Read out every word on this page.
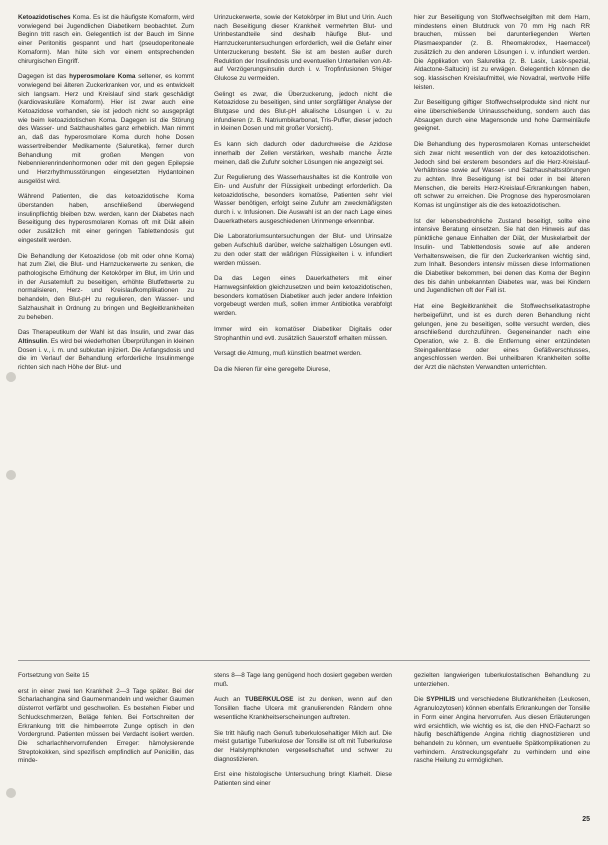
Ketoazidotisches Koma. Es ist die häufigste Komaform, wird vorwiegend bei Jugendlichen Diabetikern beobachtet. Zum Beginn tritt rasch ein. Gelegentlich ist der Bauch im Sinne einer Peritonitis gespannt und hart (pseudoperitoneale Komaform). Man hüte sich vor einem entsprechenden chirurgischen Eingriff.

Dagegen ist das hyperosmolare Koma seltener, es kommt vorwiegend bei älteren Zuckerkranken vor, und es entwickelt sich langsam. Herz und Kreislauf sind stark geschädigt (kardiovaskuläre Komaform). Hier ist zwar auch eine Ketoazidose vorhanden, sie ist jedoch nicht so ausgeprägt wie beim ketoazidotischen Koma. Dagegen ist die Störung des Wasser- und Salzhaushaltes ganz erheblich. Man nimmt an, daß das hyperosmolare Koma durch hohe Dosen wassertreibender Medikamente (Saluretika), ferner durch Behandlung mit großen Mengen von Nebennierenrindenhormonen oder mit den gegen Epilepsie und Herzrhythmusstörungen eingesetzten Hydantoinen ausgelöst wird.

Während Patienten, die das ketoazidotische Koma überstanden haben, anschließend überwiegend insulinpflichtig bleiben bzw. werden, kann der Diabetes nach Beseitigung des hyperosmolaren Komas oft mit Diät allein oder zusätzlich mit einer geringen Tablettendosis gut eingestellt werden.

Die Behandlung der Ketoazidose (ob mit oder ohne Koma) hat zum Ziel, die Blut- und Harnzuckerwerte zu senken, die pathologische Erhöhung der Ketokörper im Blut, im Urin und in der Ausatemluft zu beseitigen, erhöhte Blutfettwerte zu normalisieren, Herz- und Kreislaufkomplikationen zu behandeln, den Blut-pH zu regulieren, den Wasser- und Salzhaushalt in Ordnung zu bringen und Begleitkrankheiten zu beheben.

Das Therapeutikum der Wahl ist das Insulin, und zwar das Altinsulin. Es wird bei wiederholten Überprüfungen in kleinen Dosen i. v., i. m. und subkutan injiziert. Die Anfangsdosis und die im Verlauf der Behandlung erforderliche Insulinmenge richten sich nach Höhe der Blut- und

Urinzuckerwerte, sowie der Ketokörper im Blut und Urin. Auch nach Beseitigung dieser Krankheit vermehrten Blut- und Urinbestandteile sind deshalb häufige Blut- und Harnzuckeruntersuchungen erforderlich, weil die Gefahr einer Unterzuckerung besteht. Sie ist am besten außer durch Reduktion der Insulindosis und eventuellen Unterteilen von Alt- auf Verzögerungsinsulin durch i. v. Tropfinfusionen 5%iger Glukose zu vermeiden.

Gelingt es zwar, die Überzuckerung, jedoch nicht die Ketoazidose zu beseitigen, sind unter sorgfältiger Analyse der Blutgase und des Blut-pH alkalische Lösungen i. v. zu infundieren (z. B. Natriumbikarbonat, Tris-Puffer, dieser jedoch in kleinen Dosen und mit großer Vorsicht).

Es kann sich dadurch oder dadurchweise die Azidose innerhalb der Zellen verstärken, weshalb manche Ärzte meinen, daß die Zufuhr solcher Lösungen nie angezeigt sei.

Zur Regulierung des Wasserhaushaltes ist die Kontrolle von Ein- und Ausfuhr der Flüssigkeit unbedingt erforderlich. Da ketoazidotische, besonders komatöse, Patienten sehr viel Wasser benötigen, erfolgt seine Zufuhr am zweckmäßigsten durch i. v. Infusionen. Die Auswahl ist an der nach Lage eines Dauerkatheters ausgeschiedenen Urinmenge erkennbar.

Die Laboratoriumsuntersuchungen der Blut- und Urinsalze geben Aufschluß darüber, welche salzhaltigen Lösungen evtl. zu den oder statt der wäßrigen Flüssigkeiten i. v. infundiert werden müssen.

Da das Legen eines Dauerkatheters mit einer Harnwegsinfektion gleichzusetzen und beim ketoazidotischen, besonders komatösen Diabetiker auch jeder andere Infektion vorgebeugt werden muß, sollen immer Antibiotika verabfolgt werden.

Immer wird ein komatöser Diabetiker Digitalis oder Strophanthin und evtl. zusätzlich Sauerstoff erhalten müssen.

Versagt die Atmung, muß künstlich beatmet werden.

Da die Nieren für eine geregelte Diurese,

hier zur Beseitigung von Stoffwechselgiften mit dem Harn, mindestens einen Blutdruck von 70 mm Hg nach RR brauchen, müssen bei darunterliegenden Werten Plasmaexpander (z. B. Rheomakrodex, Haemaccel) zusätzlich zu den anderen Lösungen i. v. infundiert werden. Die Applikation von Saluretika (z. B. Lasix, Lasix-spezial, Aldactone-Saltucin) ist zu erwägen. Gelegentlich können die sog. klassischen Kreislaufmittel, wie Novadral, wertvolle Hilfe leisten.

Zur Beseitigung giftiger Stoffwechselprodukte sind nicht nur eine überschießende Urinausscheidung, sondern auch das Absaugen durch eine Magensonde und hohe Darmeinläufe geeignet.

Die Behandlung des hyperosmolaren Komas unterscheidet sich zwar nicht wesentlich von der des ketoazidotischen. Jedoch sind bei ersterem besonders auf die Herz-Kreislauf-Verhältnisse sowie auf Wasser- und Salzhaushaltsstörungen zu achten. Ihre Beseitigung ist bei oder in bei älteren Menschen, die bereits Herz-Kreislauf-Erkrankungen haben, oft schwer zu erreichen. Die Prognose des hyperosmolaren Komas ist ungünstiger als die des ketoazidotischen.

Ist der lebensbedrohliche Zustand beseitigt, sollte eine intensive Beratung einsetzen. Sie hat den Hinweis auf das pünktliche genaue Einhalten der Diät, der Muskelarbeit der Insulin- und Tablettendosis sowie auf alle anderen Verhaltensweisen, die für den Zuckerkranken wichtig sind, zum Inhalt. Besonders intensiv müssen diese Informationen die Diabetiker bekommen, bei denen das Koma der Beginn des bis dahin unbekannten Diabetes war, was bei Kindern und Jugendlichen oft der Fall ist.

Hat eine Begleitkrankheit die Stoffwechselkatastrophe herbeigeführt, und ist es durch deren Behandlung nicht gelungen, jene zu beseitigen, sollte versucht werden, dies anschließend durchzuführen. Gegeneinander nach eine Operation, wie z. B. die Entfernung einer entzündeten Steingallenblase oder eines Gefäßverschlusses, angeschlossen werden. Bei unheilbaren Krankheiten sollte der Arzt die nächsten Verwandten unterrichten.

Fortsetzung von Seite 15

erst in einer zwei ten Krankheit 2—3 Tage später. Bei der Scharlachangina sind Gaumenmandeln und weicher Gaumen düsterrot verfärbt und geschwollen. Es bestehen Fieber und Schluckschmerzen, Beläge fehlen. Bei Fortschreiten der Erkrankung tritt die himbeerrote Zunge optisch in den Vordergrund. Patienten müssen bei Verdacht isoliert werden. Die scharlachhervorrufenden Erreger: hämolysierende Streptokokken, sind spezifisch empfindlich auf Penicillin, das minde-

stens 8—8 Tage lang genügend hoch dosiert gegeben werden muß.

Auch an TUBERKULOSE ist zu denken, wenn auf den Tonsillen flache Ulcera mit granulierenden Rändern ohne wesentliche Krankheitserscheinungen auftreten.

Sie tritt häufig nach Genuß tuberkulosehaltiger Milch auf. Die meist gutartige Tuberkulose der Tonsille ist oft mit Tuberkulose der Halslymphknoten vergesellschaftet und schwer zu diagnostizieren.

Erst eine histologische Untersuchung bringt Klarheit. Diese Patienten sind einer

gezielten langwierigen tuberkulostatischen Behandlung zu unterziehen.

Die SYPHILIS und verschiedene Blutkrankheiten (Leukosen, Agranulozytosen) können ebenfalls Erkrankungen der Tonsille in Form einer Angina hervorrufen. Aus diesen Erläuterungen wird ersichtlich, wie wichtig es ist, die den HNO-Facharzt so häufig beschäftigende Angina richtig diagnostizieren und behandeln zu können, um eventuelle Spätkomplikationen zu verhindern. Anstreckungsgefahr zu verhindern und eine rasche Heilung zu ermöglichen.

25
